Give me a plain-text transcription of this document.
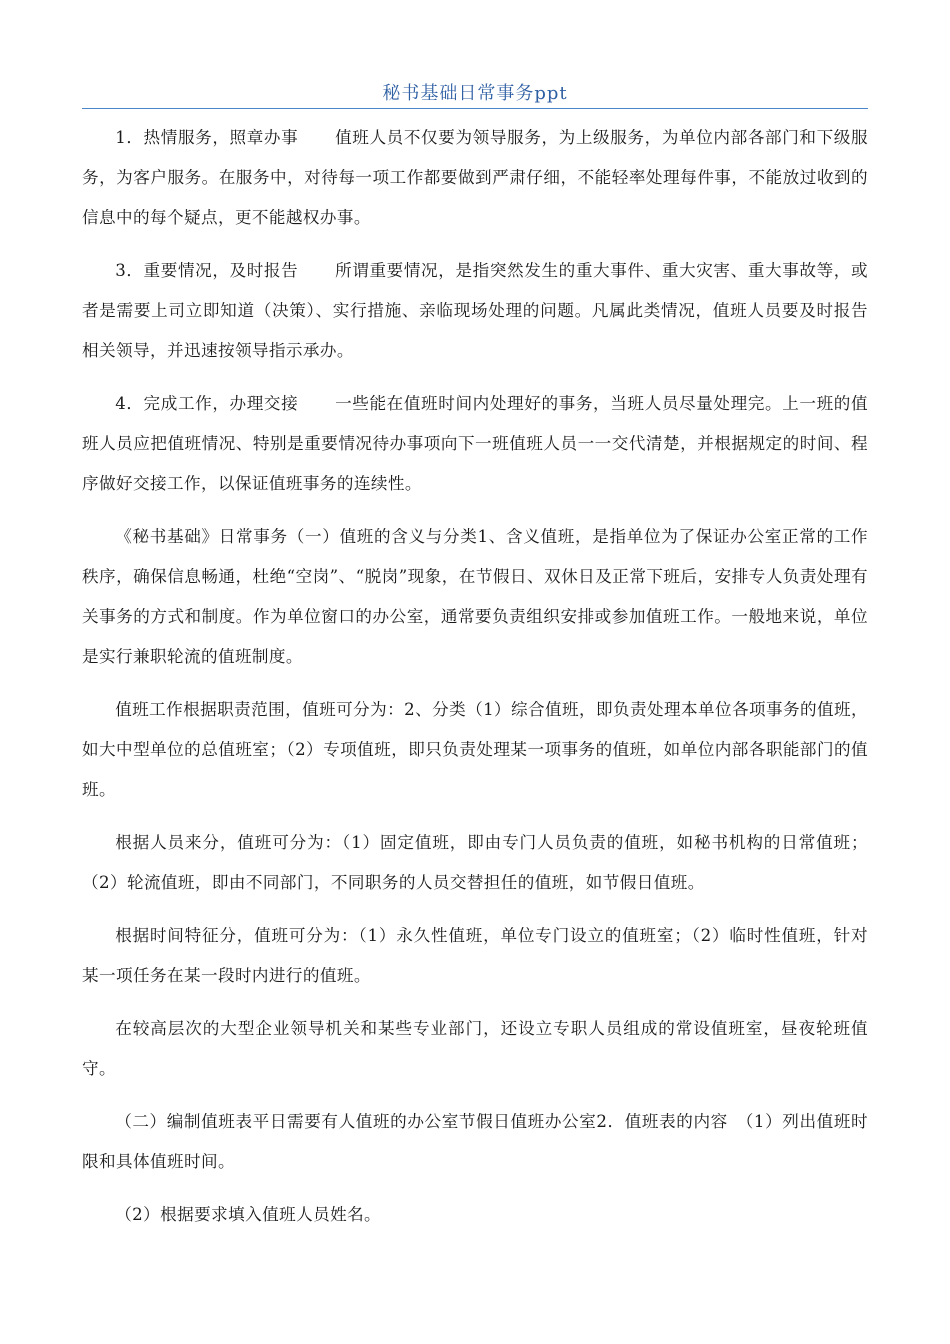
秘书基础日常事务ppt

1．热情服务，照章办事 值班人员不仅要为领导服务，为上级服务，为单位内部各部门和下级服务，为客户服务。在服务中，对待每一项工作都要做到严肃仔细，不能轻率处理每件事，不能放过收到的信息中的每个疑点，更不能越权办事。

3．重要情况，及时报告 所谓重要情况，是指突然发生的重大事件、重大灾害、重大事故等，或者是需要上司立即知道（决策）、实行措施、亲临现场处理的问题。凡属此类情况，值班人员要及时报告相关领导，并迅速按领导指示承办。

4．完成工作，办理交接 一些能在值班时间内处理好的事务，当班人员尽量处理完。上一班的值班人员应把值班情况、特别是重要情况待办事项向下一班值班人员一一交代清楚，并根据规定的时间、程序做好交接工作，以保证值班事务的连续性。

《秘书基础》日常事务（一）值班的含义与分类1、含义值班，是指单位为了保证办公室正常的工作秩序，确保信息畅通，杜绝“空岗”、“脱岗”现象，在节假日、双休日及正常下班后，安排专人负责处理有关事务的方式和制度。作为单位窗口的办公室，通常要负责组织安排或参加值班工作。一般地来说，单位是实行兼职轮流的值班制度。

值班工作根据职责范围，值班可分为：2、分类（1）综合值班，即负责处理本单位各项事务的值班，如大中型单位的总值班室；（2）专项值班，即只负责处理某一项事务的值班，如单位内部各职能部门的值班。

根据人员来分，值班可分为：（1）固定值班，即由专门人员负责的值班，如秘书机构的日常值班；（2）轮流值班，即由不同部门，不同职务的人员交替担任的值班，如节假日值班。

根据时间特征分，值班可分为：（1）永久性值班，单位专门设立的值班室；（2）临时性值班，针对某一项任务在某一段时内进行的值班。

在较高层次的大型企业领导机关和某些专业部门，还设立专职人员组成的常设值班室，昼夜轮班值守。

（二）编制值班表平日需要有人值班的办公室节假日值班办公室2．值班表的内容　（1）列出值班时限和具体值班时间。

（2）根据要求填入值班人员姓名。
